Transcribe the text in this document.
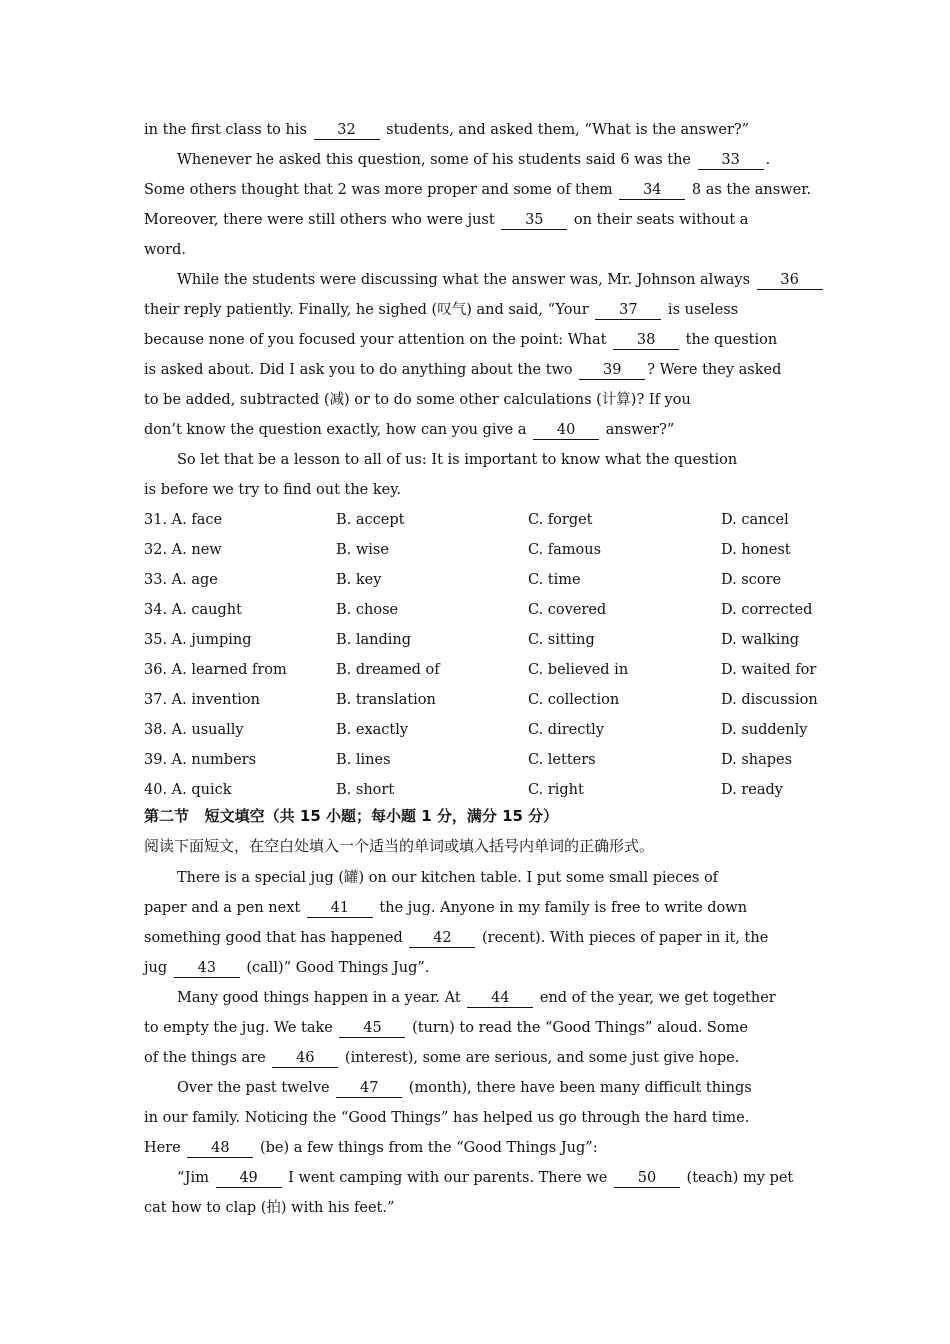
in the first class to his 32 students, and asked them, “What is the answer?”
Whenever he asked this question, some of his students said 6 was the 33 .
Some others thought that 2 was more proper and some of them 34 8 as the answer.
Moreover, there were still others who were just 35 on their seats without a
word.
While the students were discussing what the answer was, Mr. Johnson always 36
their reply patiently. Finally, he sighed (叹气) and said, “Your 37 is useless
because none of you focused your attention on the point: What 38 the question
is asked about. Did I ask you to do anything about the two 39 ? Were they asked
to be added, subtracted (减) or to do some other calculations (计算)? If you
don’t know the question exactly, how can you give a 40 answer?”
So let that be a lesson to all of us: It is important to know what the question
is before we try to find out the key.
31. A. face	B. accept	C. forget	D. cancel
32. A. new	B. wise	C. famous	D. honest
33. A. age	B. key	C. time	D. score
34. A. caught	B. chose	C. covered	D. corrected
35. A. jumping	B. landing	C. sitting	D. walking
36. A. learned from	B. dreamed of	C. believed in	D. waited for
37. A. invention	B. translation	C. collection	D. discussion
38. A. usually	B. exactly	C. directly	D. suddenly
39. A. numbers	B. lines	C. letters	D. shapes
40. A. quick	B. short	C. right	D. ready
第二节   短文填空（共 15 小题；每小题 1 分，满分 15 分）
阅读下面短文，在空白处填入一个适当的单词或填入括号内单词的正确形式。
There is a special jug (罐) on our kitchen table. I put some small pieces of
paper and a pen next 41 the jug. Anyone in my family is free to write down
something good that has happened 42 (recent). With pieces of paper in it, the
jug 43 (call)” Good Things Jug”.
Many good things happen in a year. At 44 end of the year, we get together
to empty the jug. We take 45 (turn) to read the “Good Things” aloud. Some
of the things are 46 (interest), some are serious, and some just give hope.
Over the past twelve 47 (month), there have been many difficult things
in our family. Noticing the “Good Things” has helped us go through the hard time.
Here 48 (be) a few things from the “Good Things Jug”:
“Jim 49 I went camping with our parents. There we 50 (teach) my pet
cat how to clap (拍) with his feet.”
